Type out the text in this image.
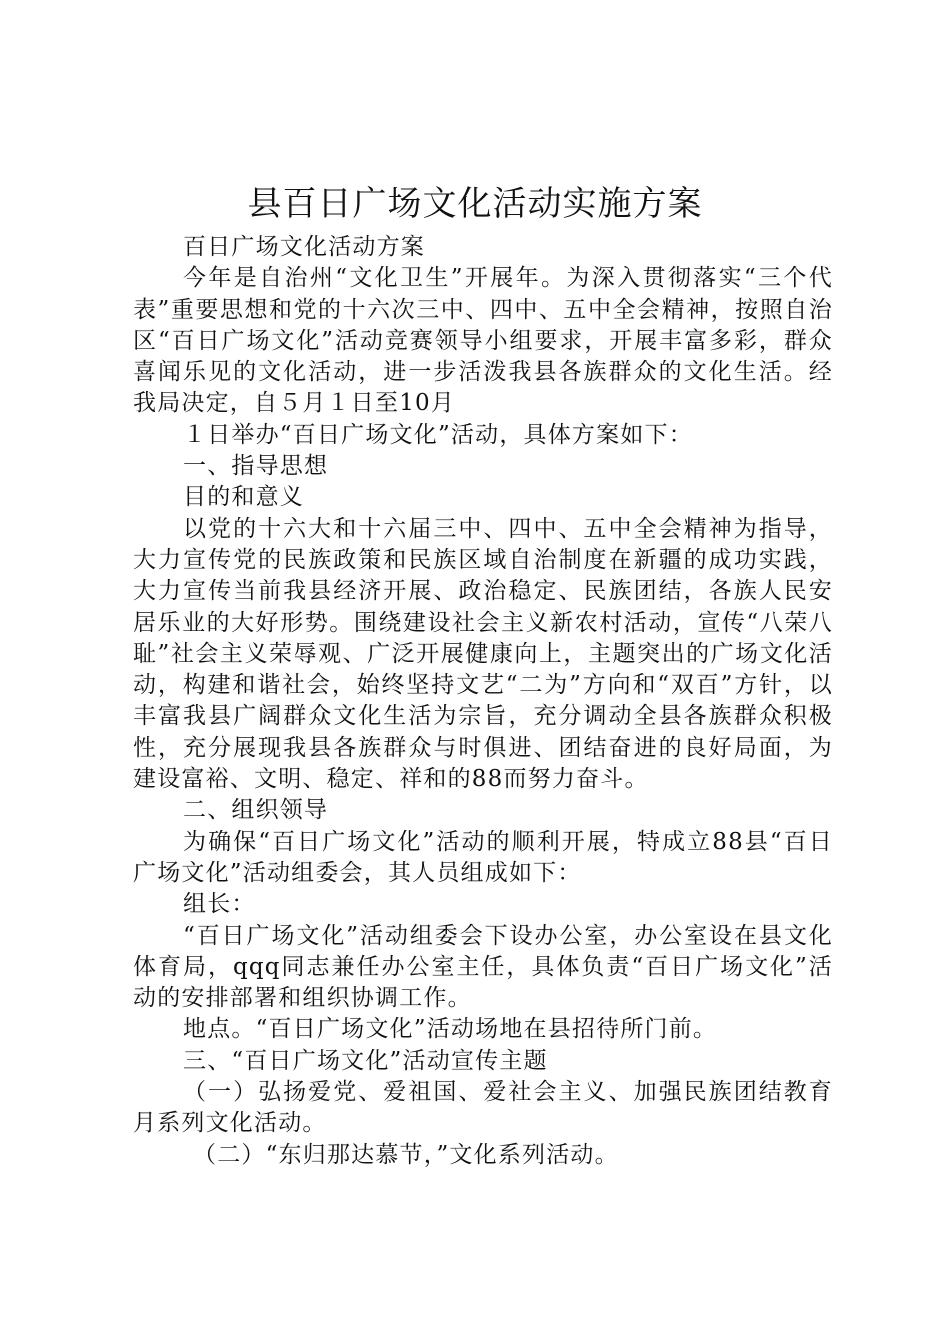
县百日广场文化活动实施方案

百日广场文化活动方案

今年是自治州“文化卫生”开展年。为深入贯彻落实“三个代表”重要思想和党的十六次三中、四中、五中全会精神，按照自治区“百日广场文化”活动竞赛领导小组要求，开展丰富多彩，群众喜闻乐见的文化活动，进一步活泼我县各族群众的文化生活。经我局决定，自５月１日至10月

１日举办“百日广场文化”活动，具体方案如下：

一、指导思想

目的和意义

以党的十六大和十六届三中、四中、五中全会精神为指导，大力宣传党的民族政策和民族区域自治制度在新疆的成功实践，大力宣传当前我县经济开展、政治稳定、民族团结，各族人民安居乐业的大好形势。围绕建设社会主义新农村活动，宣传“八荣八耻”社会主义荣辱观、广泛开展健康向上，主题突出的广场文化活动，构建和谐社会，始终坚持文艺“二为”方向和“双百”方针，以丰富我县广阔群众文化生活为宗旨，充分调动全县各族群众积极性，充分展现我县各族群众与时俱进、团结奋进的良好局面，为建设富裕、文明、稳定、祥和的88而努力奋斗。

二、组织领导

为确保“百日广场文化”活动的顺利开展，特成立88县“百日广场文化”活动组委会，其人员组成如下：

组长：

“百日广场文化”活动组委会下设办公室，办公室设在县文化体育局，qqq同志兼任办公室主任，具体负责“百日广场文化”活动的安排部署和组织协调工作。

地点。“百日广场文化”活动场地在县招待所门前。

三、“百日广场文化”活动宣传主题

（一）弘扬爱党、爱祖国、爱社会主义、加强民族团结教育月系列文化活动。

（二）“东归那达慕节，”文化系列活动。
